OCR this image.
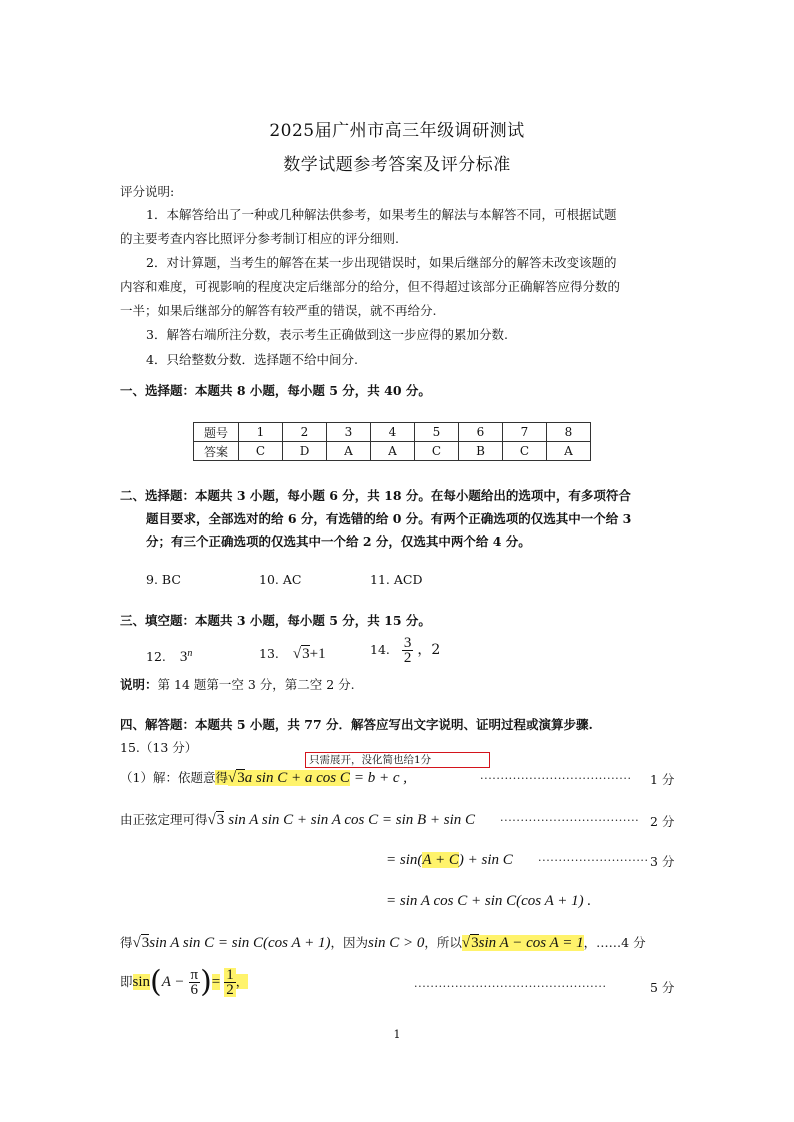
2025届广州市高三年级调研测试
数学试题参考答案及评分标准
评分说明:
1．本解答给出了一种或几种解法供参考，如果考生的解法与本解答不同，可根据试题
的主要考查内容比照评分参考制订相应的评分细则.
2．对计算题，当考生的解答在某一步出现错误时，如果后继部分的解答未改变该题的
内容和难度，可视影响的程度决定后继部分的给分，但不得超过该部分正确解答应得分数的
一半；如果后继部分的解答有较严重的错误，就不再给分.
3．解答右端所注分数，表示考生正确做到这一步应得的累加分数.
4．只给整数分数．选择题不给中间分.
一、选择题：本题共 8 小题，每小题 5 分，共 40 分。
题号	1	2	3	4	5	6	7	8
答案	C	D	A	A	C	B	C	A
二、选择题：本题共 3 小题，每小题 6 分，共 18 分。在每小题给出的选项中，有多项符合
题目要求，全部选对的给 6 分，有选错的给 0 分。有两个正确选项的仅选其中一个给 3
分；有三个正确选项的仅选其中一个给 2 分，仅选其中两个给 4 分。
9. BC	10. AC	11. ACD
三、填空题：本题共 3 小题，每小题 5 分，共 15 分。
12. 3$^n$	13. √3+1	14. $\frac{3}{2}$ ，2
说明：第 14 题第一空 3 分，第二空 2 分.
四、解答题：本题共 5 小题，共 77 分．解答应写出文字说明、证明过程或演算步骤.
15.（13 分）
只需展开，没化简也给1分
（1）解：依题意得√3a sin C + a cos C = b + c ,	····································· 1 分
由正弦定理可得√3 sin A sin C + sin A cos C = sin B + sin C ·································· 2 分
= sin(A + C) + sin C ··························· 3 分
= sin A cos C + sin C(cos A + 1) .
得√3sin A sin C = sin C(cos A + 1)，因为sin C > 0，所以√3sin A − cos A = 1，……4 分
即$\sin(A - \frac{\pi}{6}$ )= $\frac{1}{2}$ ，	···············································	5 分
1
